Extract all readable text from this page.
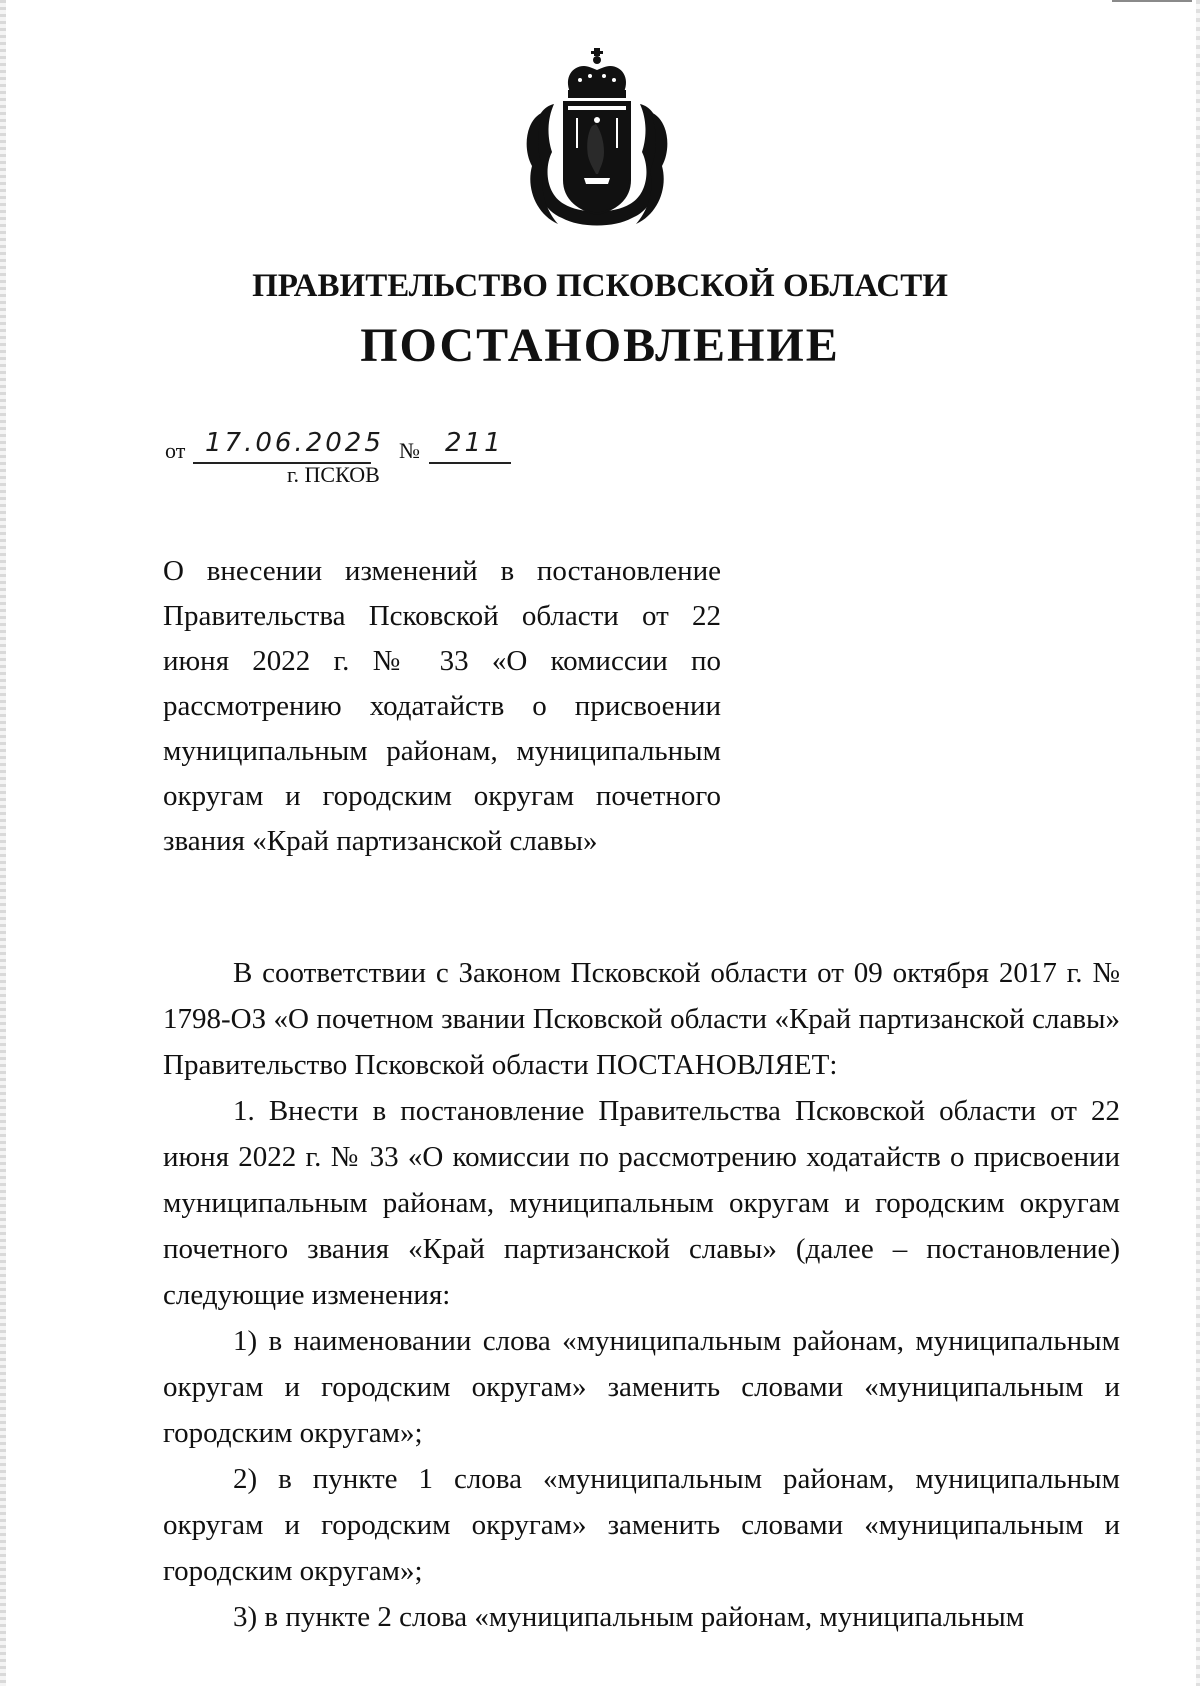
ПРАВИТЕЛЬСТВО ПСКОВСКОЙ ОБЛАСТИ
ПОСТАНОВЛЕНИЕ
от 17.06.2025 № 211
г. ПСКОВ

О внесении изменений в постановление Правительства Псковской области от 22 июня 2022 г. № 33 «О комиссии по рассмотрению ходатайств о присвоении муниципальным районам, муниципальным округам и городским округам почетного звания «Край партизанской славы»

В соответствии с Законом Псковской области от 09 октября 2017 г. № 1798-ОЗ «О почетном звании Псковской области «Край партизанской славы» Правительство Псковской области ПОСТАНОВЛЯЕТ:

1. Внести в постановление Правительства Псковской области от 22 июня 2022 г. № 33 «О комиссии по рассмотрению ходатайств о присвоении муниципальным районам, муниципальным округам и городским округам почетного звания «Край партизанской славы» (далее – постановление) следующие изменения:

1) в наименовании слова «муниципальным районам, муниципальным округам и городским округам» заменить словами «муниципальным и городским округам»;

2) в пункте 1 слова «муниципальным районам, муниципальным округам и городским округам» заменить словами «муниципальным и городским округам»;

3) в пункте 2 слова «муниципальным районам, муниципальным
